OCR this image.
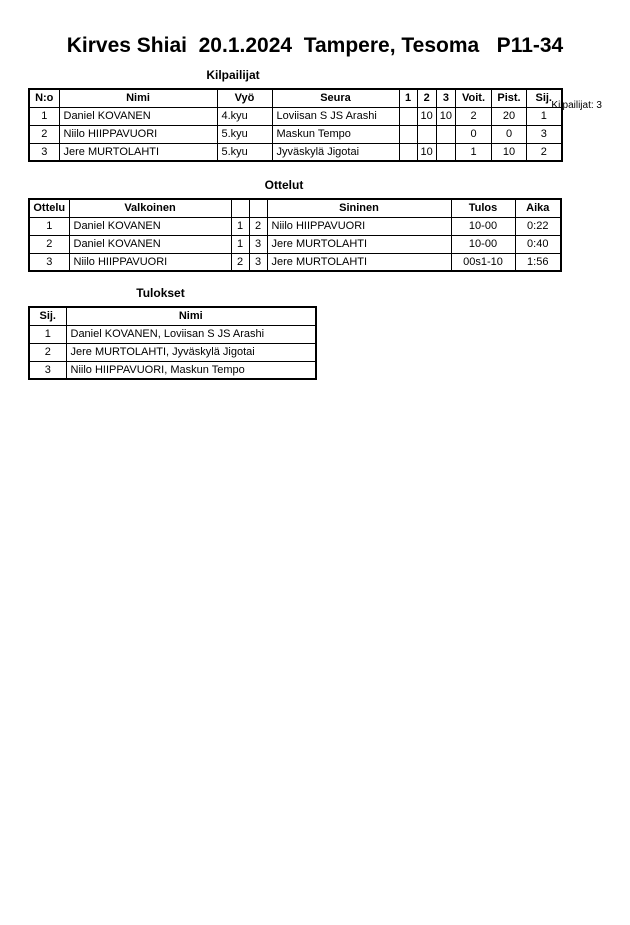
Kirves Shiai  20.1.2024  Tampere, Tesoma   P11-34
Kilpailijat: 3
Kilpailijat
N:o	Nimi	Vyö	Seura	1	2	3	Voit.	Pist.	Sij.
1	Daniel KOVANEN	4.kyu	Loviisan S JS Arashi		10	10	2	20	1
2	Niilo HIIPPAVUORI	5.kyu	Maskun Tempo				0	0	3
3	Jere MURTOLAHTI	5.kyu	Jyväskylä Jigotai		10		1	10	2
Ottelut
Ottelu	Valkoinen			Sininen	Tulos	Aika
1	Daniel KOVANEN	1	2	Niilo HIIPPAVUORI	10-00	0:22
2	Daniel KOVANEN	1	3	Jere MURTOLAHTI	10-00	0:40
3	Niilo HIIPPAVUORI	2	3	Jere MURTOLAHTI	00s1-10	1:56
Tulokset
Sij.	Nimi
1	Daniel KOVANEN, Loviisan S JS Arashi
2	Jere MURTOLAHTI, Jyväskylä Jigotai
3	Niilo HIIPPAVUORI, Maskun Tempo
